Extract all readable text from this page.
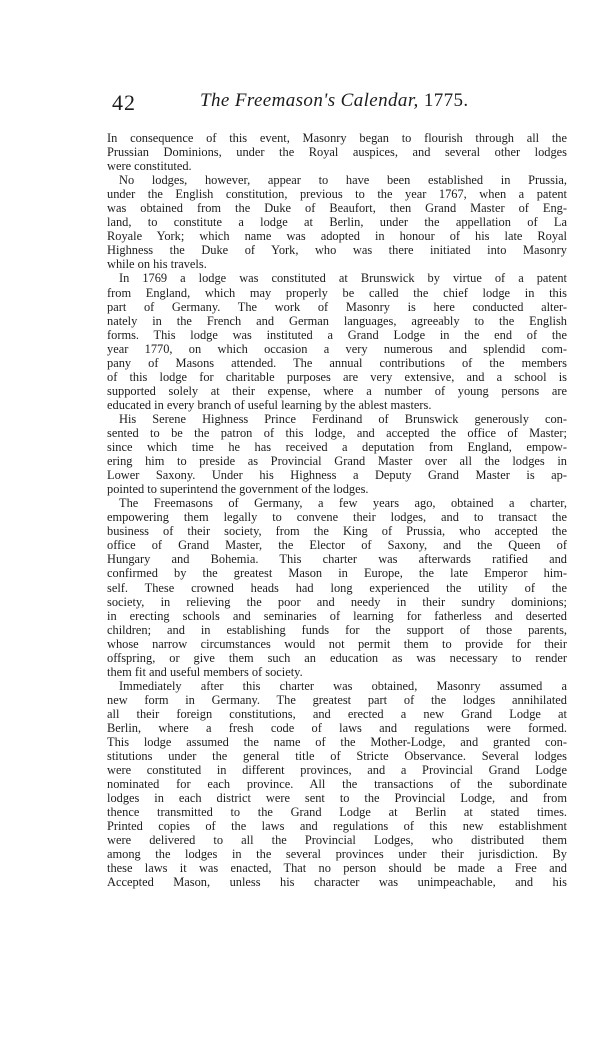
42	The Freemason's Calendar, 1775.
In consequence of this event, Masonry began to flourish through all the
Prussian Dominions, under the Royal auspices, and several other lodges
were constituted.
No lodges, however, appear to have been established in Prussia,
under the English constitution, previous to the year 1767, when a patent
was obtained from the Duke of Beaufort, then Grand Master of Eng-
land, to constitute a lodge at Berlin, under the appellation of La
Royale York; which name was adopted in honour of his late Royal
Highness the Duke of York, who was there initiated into Masonry
while on his travels.
In 1769 a lodge was constituted at Brunswick by virtue of a patent
from England, which may properly be called the chief lodge in this
part of Germany. The work of Masonry is here conducted alter-
nately in the French and German languages, agreeably to the English
forms. This lodge was instituted a Grand Lodge in the end of the
year 1770, on which occasion a very numerous and splendid com-
pany of Masons attended. The annual contributions of the members
of this lodge for charitable purposes are very extensive, and a school is
supported solely at their expense, where a number of young persons are
educated in every branch of useful learning by the ablest masters.
His Serene Highness Prince Ferdinand of Brunswick generously con-
sented to be the patron of this lodge, and accepted the office of Master;
since which time he has received a deputation from England, empow-
ering him to preside as Provincial Grand Master over all the lodges in
Lower Saxony. Under his Highness a Deputy Grand Master is ap-
pointed to superintend the government of the lodges.
The Freemasons of Germany, a few years ago, obtained a charter,
empowering them legally to convene their lodges, and to transact the
business of their society, from the King of Prussia, who accepted the
office of Grand Master, the Elector of Saxony, and the Queen of
Hungary and Bohemia. This charter was afterwards ratified and
confirmed by the greatest Mason in Europe, the late Emperor him-
self. These crowned heads had long experienced the utility of the
society, in relieving the poor and needy in their sundry dominions;
in erecting schools and seminaries of learning for fatherless and deserted
children; and in establishing funds for the support of those parents,
whose narrow circumstances would not permit them to provide for their
offspring, or give them such an education as was necessary to render
them fit and useful members of society.
Immediately after this charter was obtained, Masonry assumed a
new form in Germany. The greatest part of the lodges annihilated
all their foreign constitutions, and erected a new Grand Lodge at
Berlin, where a fresh code of laws and regulations were formed.
This lodge assumed the name of the Mother-Lodge, and granted con-
stitutions under the general title of Stricte Observance. Several lodges
were constituted in different provinces, and a Provincial Grand Lodge
nominated for each province. All the transactions of the subordinate
lodges in each district were sent to the Provincial Lodge, and from
thence transmitted to the Grand Lodge at Berlin at stated times.
Printed copies of the laws and regulations of this new establishment
were delivered to all the Provincial Lodges, who distributed them
among the lodges in the several provinces under their jurisdiction. By
these laws it was enacted, That no person should be made a Free and
Accepted Mason, unless his character was unimpeachable, and his
